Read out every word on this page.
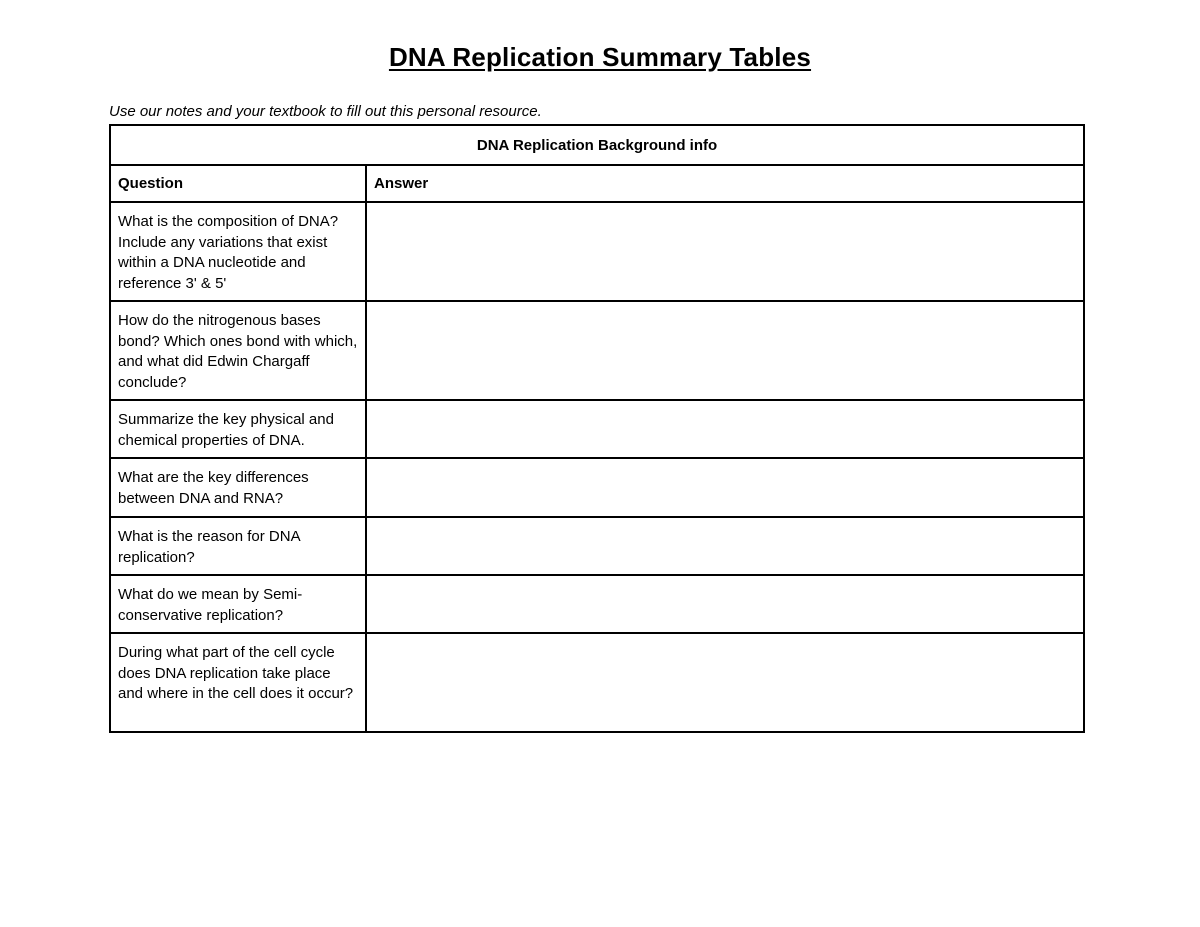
DNA Replication Summary Tables

Use our notes and your textbook to fill out this personal resource.

DNA Replication Background info	
Question	Answer
What is the composition of DNA? Include any variations that exist within a DNA nucleotide and reference 3' & 5'	
How do the nitrogenous bases bond? Which ones bond with which, and what did Edwin Chargaff conclude?	
Summarize the key physical and chemical properties of DNA.	
What are the key differences between DNA and RNA?	
What is the reason for DNA replication?	
What do we mean by Semi-conservative replication?	
During what part of the cell cycle does DNA replication take place and where in the cell does it occur?	
